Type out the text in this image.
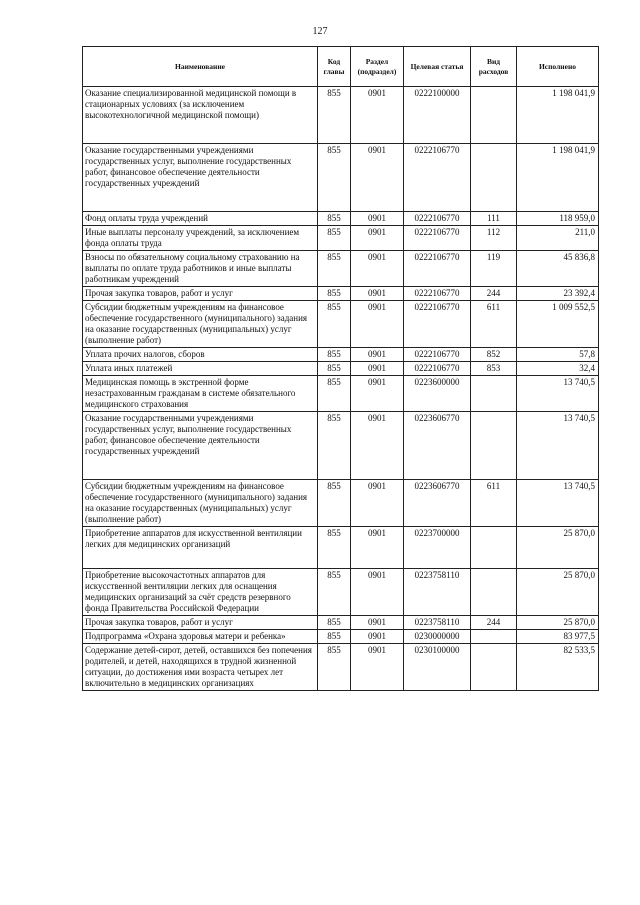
127
Наименование	Код главы	Раздел (подраздел)	Целевая статья	Вид расходов	Исполнено
Оказание специализированной медицинской помощи в стационарных условиях (за исключением высокотехнологичной медицинской помощи)	855	0901	0222100000		1 198 041,9
Оказание государственными учреждениями государственных услуг, выполнение государственных работ, финансовое обеспечение деятельности государственных учреждений	855	0901	0222106770		1 198 041,9
Фонд оплаты труда учреждений	855	0901	0222106770	111	118 959,0
Иные выплаты персоналу учреждений, за исключением фонда оплаты труда	855	0901	0222106770	112	211,0
Взносы по обязательному социальному страхованию на выплаты по оплате труда работников и иные выплаты работникам учреждений	855	0901	0222106770	119	45 836,8
Прочая закупка товаров, работ и услуг	855	0901	0222106770	244	23 392,4
Субсидии бюджетным учреждениям на финансовое обеспечение государственного (муниципального) задания на оказание государственных (муниципальных) услуг (выполнение работ)	855	0901	0222106770	611	1 009 552,5
Уплата прочих налогов, сборов	855	0901	0222106770	852	57,8
Уплата иных платежей	855	0901	0222106770	853	32,4
Медицинская помощь в экстренной форме незастрахованным гражданам в системе обязательного медицинского страхования	855	0901	0223600000		13 740,5
Оказание государственными учреждениями государственных услуг, выполнение государственных работ, финансовое обеспечение деятельности государственных учреждений	855	0901	0223606770		13 740,5
Субсидии бюджетным учреждениям на финансовое обеспечение государственного (муниципального) задания на оказание государственных (муниципальных) услуг (выполнение работ)	855	0901	0223606770	611	13 740,5
Приобретение аппаратов для искусственной вентиляции легких для медицинских организаций	855	0901	0223700000		25 870,0
Приобретение высокочастотных аппаратов для искусственной вентиляции легких для оснащения медицинских организаций за счёт средств резервного фонда Правительства Российской Федерации	855	0901	0223758110		25 870,0
Прочая закупка товаров, работ и услуг	855	0901	0223758110	244	25 870,0
Подпрограмма «Охрана здоровья матери и ребенка»	855	0901	0230000000		83 977,5
Содержание детей-сирот, детей, оставшихся без попечения родителей, и детей, находящихся в трудной жизненной ситуации, до достижения ими возраста четырех лет включительно в медицинских организациях	855	0901	0230100000		82 533,5
